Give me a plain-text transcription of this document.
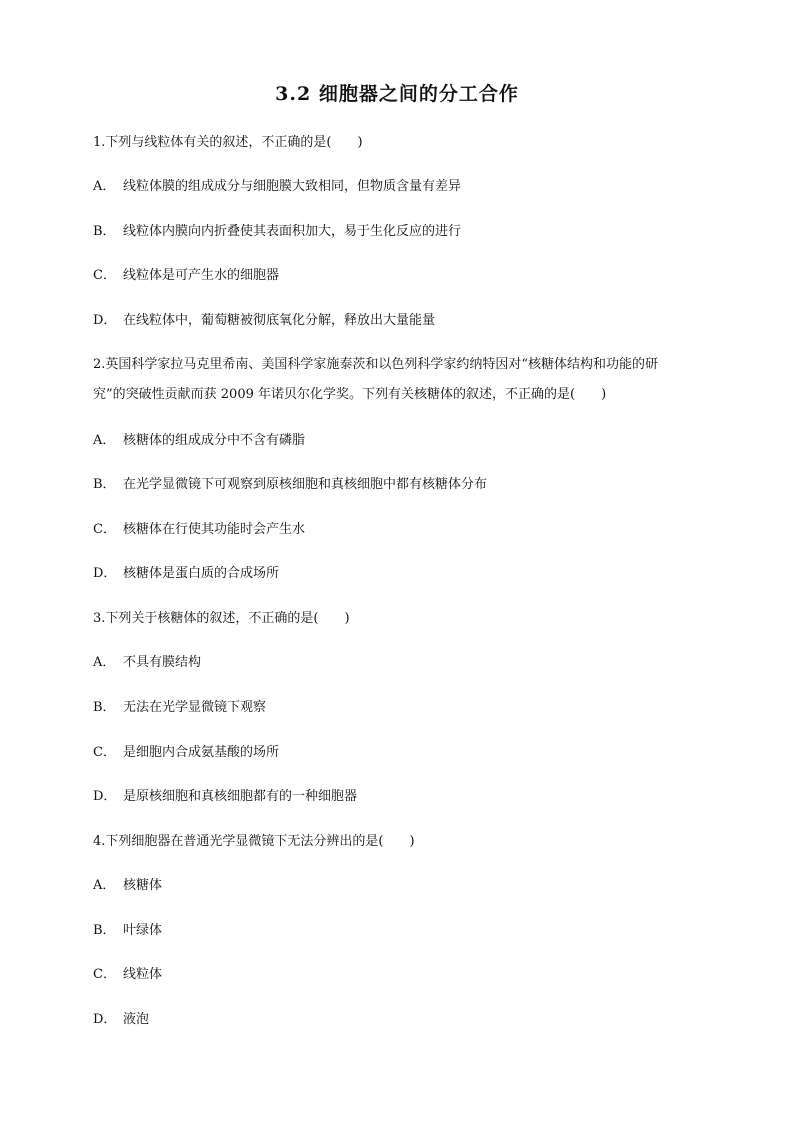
3.2 细胞器之间的分工合作

1.下列与线粒体有关的叙述，不正确的是(　　)

A． 线粒体膜的组成成分与细胞膜大致相同，但物质含量有差异
B． 线粒体内膜向内折叠使其表面积加大，易于生化反应的进行
C． 线粒体是可产生水的细胞器
D． 在线粒体中，葡萄糖被彻底氧化分解，释放出大量能量

2.英国科学家拉马克里希南、美国科学家施泰茨和以色列科学家约纳特因对“核糖体结构和功能的研

究”的突破性贡献而获 2009 年诺贝尔化学奖。下列有关核糖体的叙述，不正确的是(　　)

A． 核糖体的组成成分中不含有磷脂
B． 在光学显微镜下可观察到原核细胞和真核细胞中都有核糖体分布
C． 核糖体在行使其功能时会产生水
D． 核糖体是蛋白质的合成场所

3.下列关于核糖体的叙述，不正确的是(　　)

A． 不具有膜结构
B． 无法在光学显微镜下观察
C． 是细胞内合成氨基酸的场所
D． 是原核细胞和真核细胞都有的一种细胞器

4.下列细胞器在普通光学显微镜下无法分辨出的是(　　)

A． 核糖体
B． 叶绿体
C． 线粒体
D． 液泡
